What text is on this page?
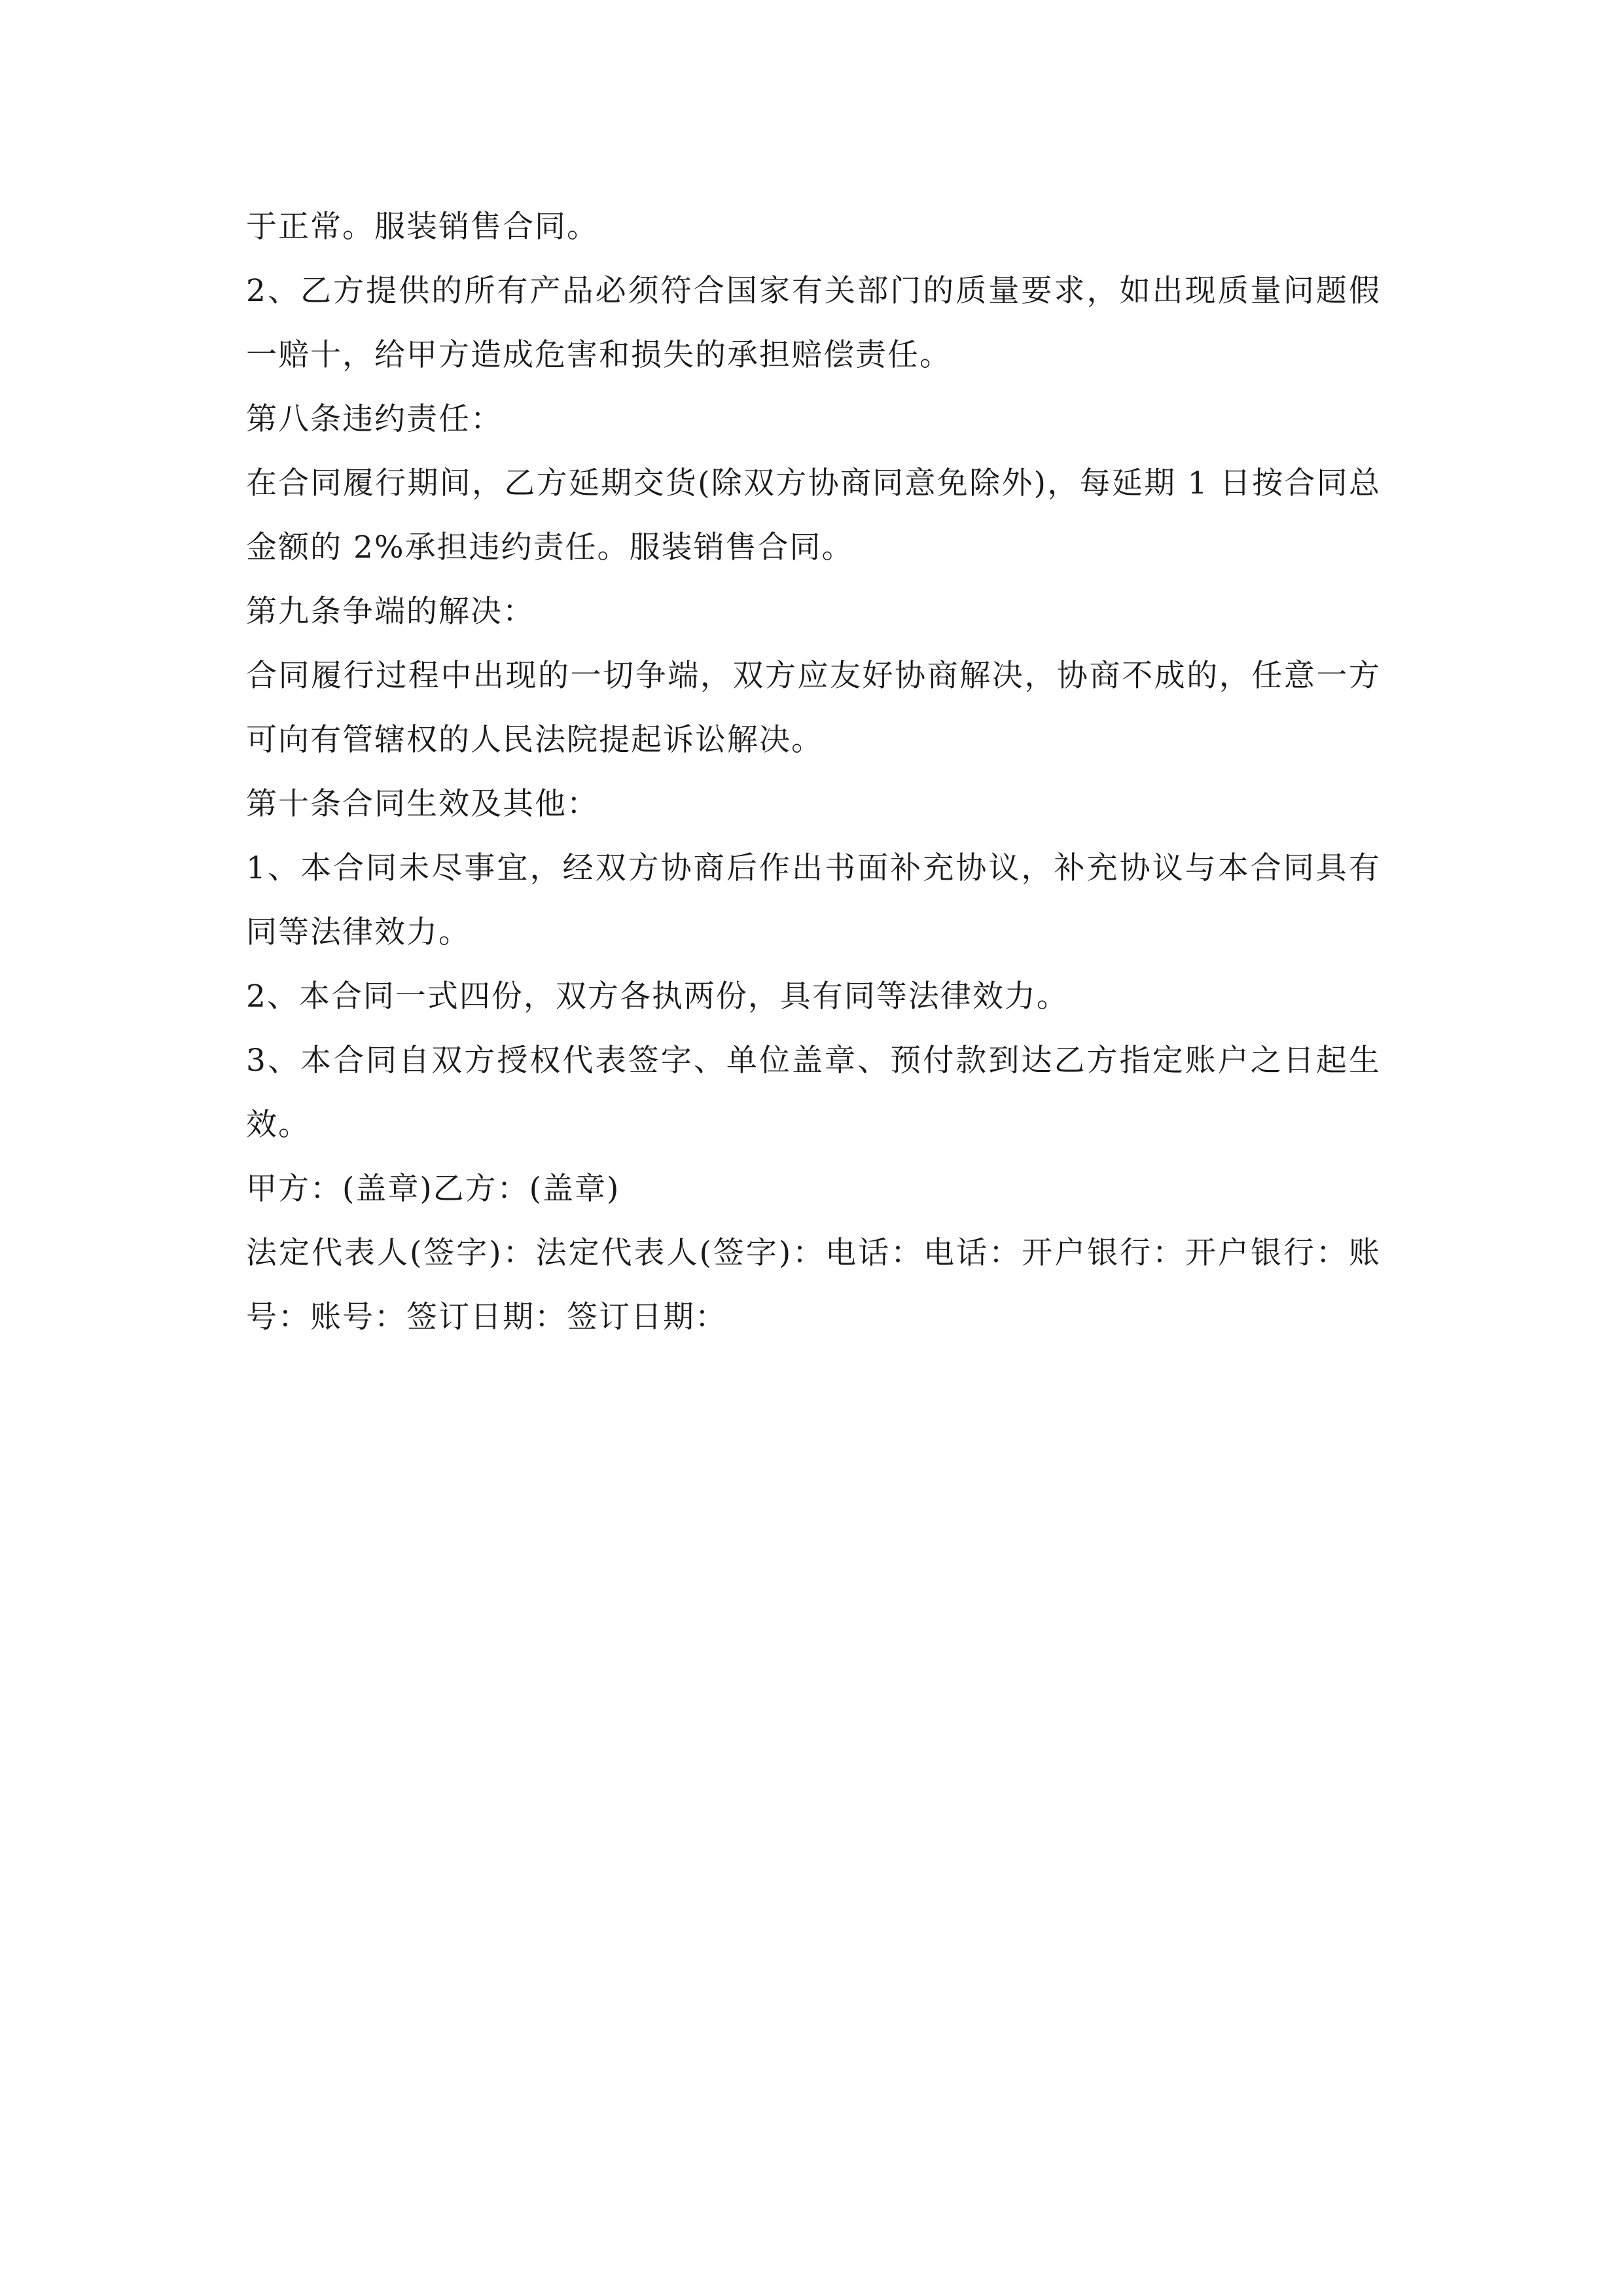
于正常。服装销售合同。

2、乙方提供的所有产品必须符合国家有关部门的质量要求，如出现质量问题假一赔十，给甲方造成危害和损失的承担赔偿责任。

第八条违约责任：

在合同履行期间，乙方延期交货(除双方协商同意免除外)，每延期 1 日按合同总金额的 2%承担违约责任。服装销售合同。

第九条争端的解决：

合同履行过程中出现的一切争端，双方应友好协商解决，协商不成的，任意一方可向有管辖权的人民法院提起诉讼解决。

第十条合同生效及其他：

1、本合同未尽事宜，经双方协商后作出书面补充协议，补充协议与本合同具有同等法律效力。

2、本合同一式四份，双方各执两份，具有同等法律效力。

3、本合同自双方授权代表签字、单位盖章、预付款到达乙方指定账户之日起生效。

甲方：(盖章)乙方：(盖章)

法定代表人(签字)：法定代表人(签字)：电话：电话：开户银行：开户银行：账号：账号：签订日期：签订日期：
